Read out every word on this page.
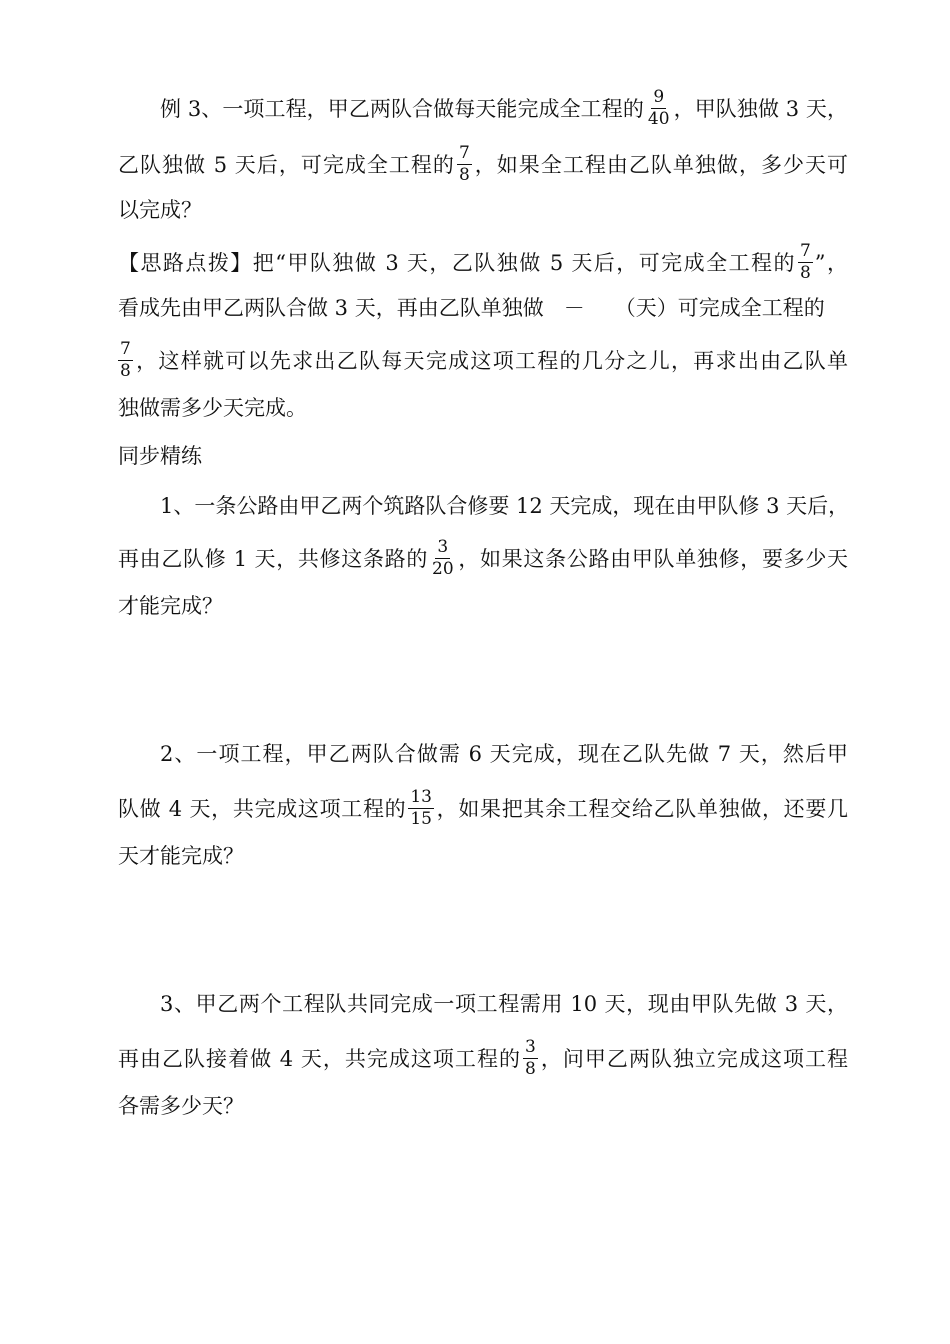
例 3、一项工程，甲乙两队合做每天能完成全工程的 $\frac{9}{40}$ ，甲队独做 3 天，
乙队独做 5 天后，可完成全工程的 $\frac{7}{8}$ ，如果全工程由乙队单独做，多少天可
以完成？
【思路点拨】把“甲队独做 3 天，乙队独做 5 天后，可完成全工程的 $\frac{7}{8}$ ”，
看成先由甲乙两队合做 3 天，再由乙队单独做 － （天）可完成全工程的
$\frac{7}{8}$ ，这样就可以先求出乙队每天完成这项工程的几分之儿，再求出由乙队单
独做需多少天完成。
同步精练
1、一条公路由甲乙两个筑路队合修要 12 天完成，现在由甲队修 3 天后，
再由乙队修 1 天，共修这条路的 $\frac{3}{20}$ ，如果这条公路由甲队单独修，要多少天
才能完成？
2、一项工程，甲乙两队合做需 6 天完成，现在乙队先做 7 天，然后甲
队做 4 天，共完成这项工程的 $\frac{13}{15}$ ，如果把其余工程交给乙队单独做，还要几
天才能完成？
3、甲乙两个工程队共同完成一项工程需用 10 天，现由甲队先做 3 天，
再由乙队接着做 4 天，共完成这项工程的 $\frac{3}{8}$ ，问甲乙两队独立完成这项工程
各需多少天？
